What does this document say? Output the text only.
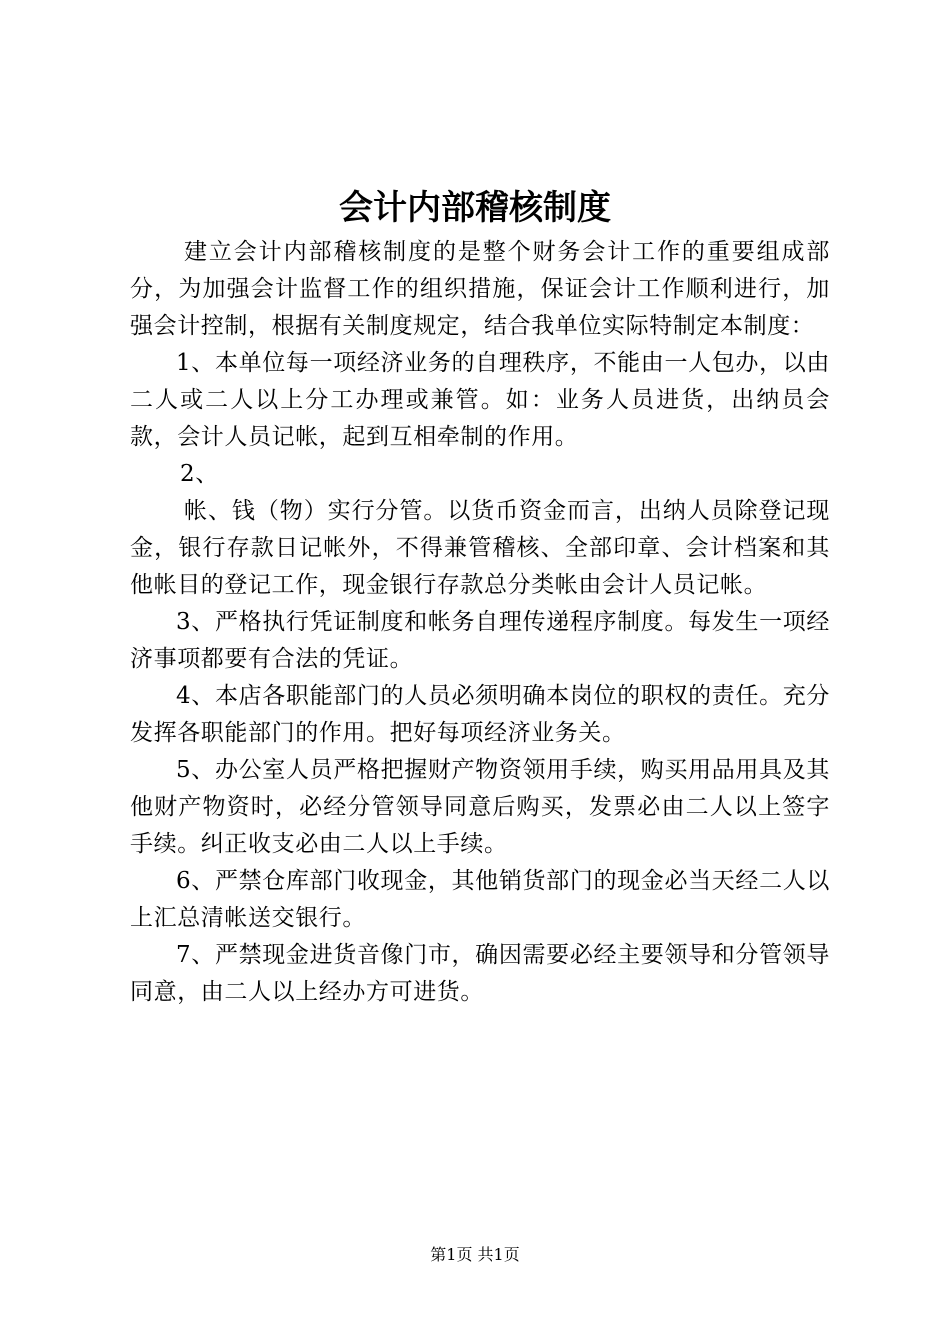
会计内部稽核制度

建立会计内部稽核制度的是整个财务会计工作的重要组成部分，为加强会计监督工作的组织措施，保证会计工作顺利进行，加强会计控制，根据有关制度规定，结合我单位实际特制定本制度：

1、本单位每一项经济业务的自理秩序，不能由一人包办，以由二人或二人以上分工办理或兼管。如：业务人员进货，出纳员会款，会计人员记帐，起到互相牵制的作用。

2、

帐、钱（物）实行分管。以货币资金而言，出纳人员除登记现金，银行存款日记帐外，不得兼管稽核、全部印章、会计档案和其他帐目的登记工作，现金银行存款总分类帐由会计人员记帐。

3、严格执行凭证制度和帐务自理传递程序制度。每发生一项经济事项都要有合法的凭证。

4、本店各职能部门的人员必须明确本岗位的职权的责任。充分发挥各职能部门的作用。把好每项经济业务关。

5、办公室人员严格把握财产物资领用手续，购买用品用具及其他财产物资时，必经分管领导同意后购买，发票必由二人以上签字手续。纠正收支必由二人以上手续。

6、严禁仓库部门收现金，其他销货部门的现金必当天经二人以上汇总清帐送交银行。

7、严禁现金进货音像门市，确因需要必经主要领导和分管领导同意，由二人以上经办方可进货。

第1页 共1页
